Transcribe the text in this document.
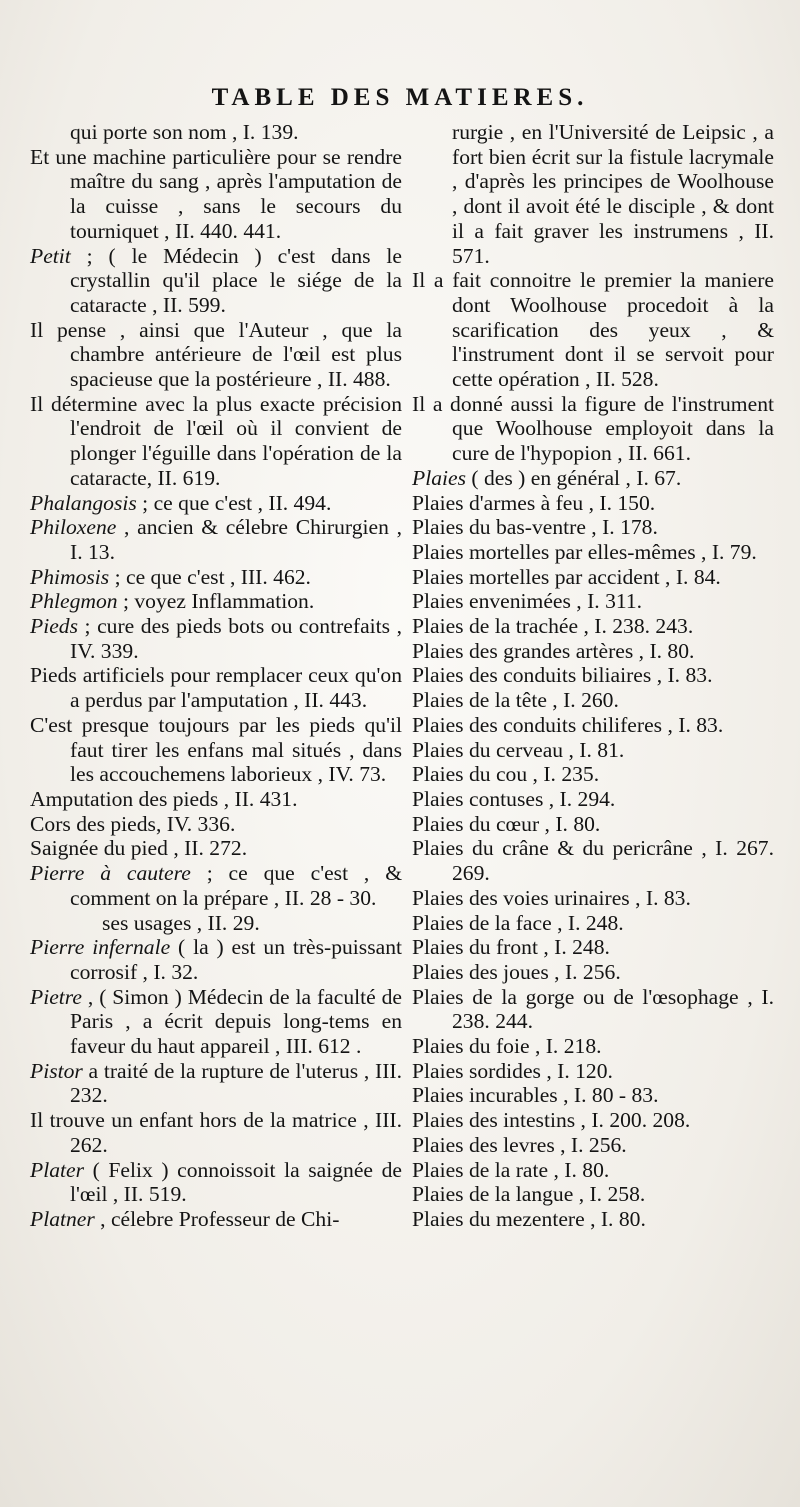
TABLE DES MATIERES.

qui porte son nom , I. 139.

Et une machine particulière pour se rendre maître du sang , après l'amputation de la cuisse , sans le secours du tourniquet , II. 440. 441.

Petit ; ( le Médecin ) c'est dans le crystallin qu'il place le siége de la cataracte , II. 599.

Il pense , ainsi que l'Auteur , que la chambre antérieure de l'œil est plus spacieuse que la postérieure , II. 488.

Il détermine avec la plus exacte précision l'endroit de l'œil où il convient de plonger l'éguille dans l'opération de la cataracte, II. 619.

Phalangosis ; ce que c'est , II. 494.

Philoxene , ancien & célebre Chirurgien , I. 13.

Phimosis ; ce que c'est , III. 462.

Phlegmon ; voyez Inflammation.

Pieds ; cure des pieds bots ou contrefaits , IV. 339.

Pieds artificiels pour remplacer ceux qu'on a perdus par l'amputation , II. 443.

C'est presque toujours par les pieds qu'il faut tirer les enfans mal situés , dans les accouchemens laborieux , IV. 73.

Amputation des pieds , II. 431.

Cors des pieds, IV. 336.

Saignée du pied , II. 272.

Pierre à cautere ; ce que c'est , & comment on la prépare , II. 28 - 30.

ses usages , II. 29.

Pierre infernale ( la ) est un très-puissant corrosif , I. 32.

Pietre , ( Simon ) Médecin de la faculté de Paris , a écrit depuis long-tems en faveur du haut appareil , III. 612 .

Pistor a traité de la rupture de l'uterus , III. 232.

Il trouve un enfant hors de la matrice , III. 262.

Plater ( Felix ) connoissoit la saignée de l'œil , II. 519.

Platner , célebre Professeur de Chi-

rurgie , en l'Université de Leipsic , a fort bien écrit sur la fistule lacrymale , d'après les principes de Woolhouse , dont il avoit été le disciple , & dont il a fait graver les instrumens , II. 571.

Il a fait connoitre le premier la maniere dont Woolhouse procedoit à la scarification des yeux , & l'instrument dont il se servoit pour cette opération , II. 528.

Il a donné aussi la figure de l'instrument que Woolhouse employoit dans la cure de l'hypopion , II. 661.

Plaies ( des ) en général , I. 67.

Plaies d'armes à feu , I. 150.

Plaies du bas-ventre , I. 178.

Plaies mortelles par elles-mêmes , I. 79.

Plaies mortelles par accident , I. 84.

Plaies envenimées , I. 311.

Plaies de la trachée , I. 238. 243.

Plaies des grandes artères , I. 80.

Plaies des conduits biliaires , I. 83.

Plaies de la tête , I. 260.

Plaies des conduits chiliferes , I. 83.

Plaies du cerveau , I. 81.

Plaies du cou , I. 235.

Plaies contuses , I. 294.

Plaies du cœur , I. 80.

Plaies du crâne & du pericrâne , I. 267. 269.

Plaies des voies urinaires , I. 83.

Plaies de la face , I. 248.

Plaies du front , I. 248.

Plaies des joues , I. 256.

Plaies de la gorge ou de l'œsophage , I. 238. 244.

Plaies du foie , I. 218.

Plaies sordides , I. 120.

Plaies incurables , I. 80 - 83.

Plaies des intestins , I. 200. 208.

Plaies des levres , I. 256.

Plaies de la rate , I. 80.

Plaies de la langue , I. 258.

Plaies du mezentere , I. 80.
